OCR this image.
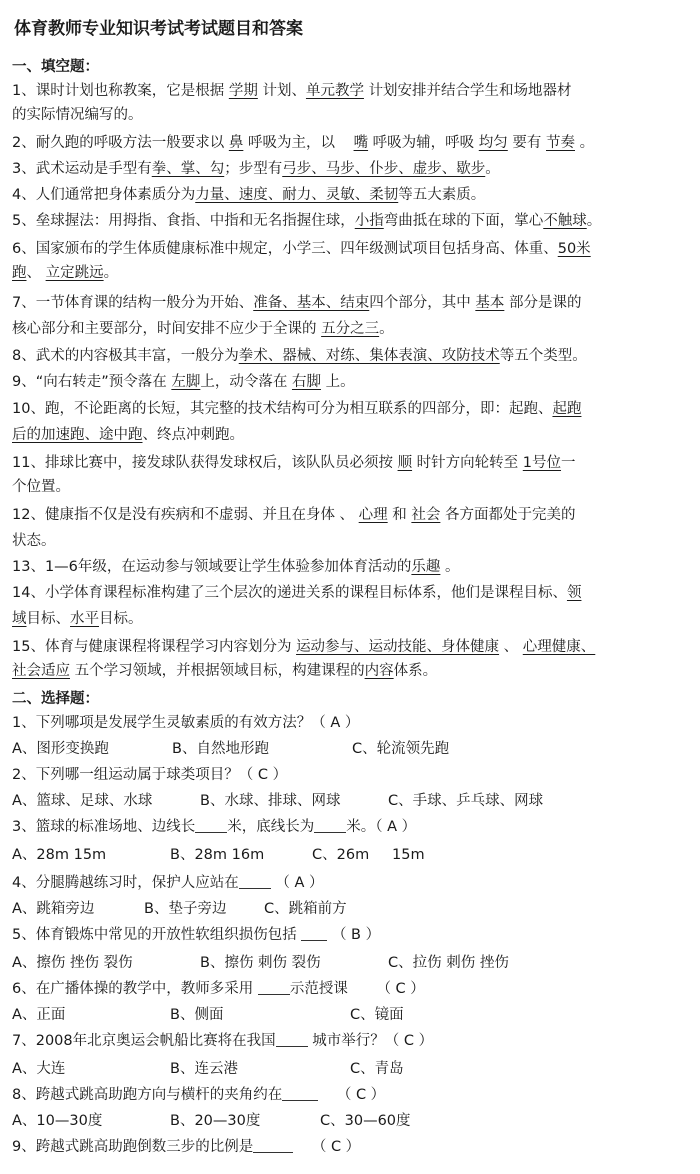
体育教师专业知识考试考试题目和答案
一、填空题：
1、课时计划也称教案，它是根据 学期 计划、单元教学 计划安排并结合学生和场地器材
的实际情况编写的。
2、耐久跑的呼吸方法一般要求以 鼻 呼吸为主，以 嘴 呼吸为辅，呼吸 均匀 要有 节奏 。
3、武术运动是手型有拳、掌、勾；步型有弓步、马步、仆步、虚步、歇步。
4、人们通常把身体素质分为力量、速度、耐力、灵敏、柔韧等五大素质。
5、垒球握法：用拇指、食指、中指和无名指握住球，小指弯曲抵在球的下面，掌心不触球。
6、国家颁布的学生体质健康标准中规定，小学三、四年级测试项目包括身高、体重、50米
跑、 立定跳远。
7、一节体育课的结构一般分为开始、准备、基本、结束四个部分，其中 基本 部分是课的
核心部分和主要部分，时间安排不应少于全课的 五分之三。
8、武术的内容极其丰富，一般分为拳术、器械、对练、集体表演、攻防技术等五个类型。
9、“向右转走”预令落在 左脚上，动令落在 右脚 上。
10、跑，不论距离的长短，其完整的技术结构可分为相互联系的四部分，即：起跑、起跑
后的加速跑、途中跑、终点冲刺跑。
11、排球比赛中，接发球队获得发球权后，该队队员必须按 顺 时针方向轮转至 1号位一
个位置。
12、健康指不仅是没有疾病和不虚弱、并且在身体 、 心理 和 社会 各方面都处于完美的
状态。
13、1—6年级，在运动参与领域要让学生体验参加体育活动的乐趣 。
14、小学体育课程标准构建了三个层次的递进关系的课程目标体系，他们是课程目标、领
域目标、水平目标。
15、体育与健康课程将课程学习内容划分为 运动参与、运动技能、身体健康 、 心理健康、
社会适应 五个学习领域，并根据领域目标，构建课程的内容体系。
二、选择题：
1、下列哪项是发展学生灵敏素质的有效方法？（ A ）
A、图形变换跑	B、自然地形跑	C、轮流领先跑
2、下列哪一组运动属于球类项目？（ C ）
A、篮球、足球、水球	B、水球、排球、网球	C、手球、乒乓球、网球
3、篮球的标准场地、边线长 米，底线长为 米。（ A ）
A、28m 15m	B、28m 16m	C、26m 15m
4、分腿腾越练习时，保护人应站在	（ A ）
A、跳箱旁边	B、垫子旁边	C、跳箱前方
5、体育锻炼中常见的开放性软组织损伤包括 （ B ）
A、擦伤 挫伤 裂伤	B、擦伤 刺伤 裂伤	C、拉伤 刺伤 挫伤
6、在广播体操的教学中，教师多采用	示范授课 （ C ）
A、正面	B、侧面	C、镜面
7、2008年北京奥运会帆船比赛将在我国	城市举行？（ C ）
A、大连	B、连云港	C、青岛
8、跨越式跳高助跑方向与横杆的夹角约在	（ C ）
A、10—30度	B、20—30度	C、30—60度
9、跨越式跳高助跑倒数三步的比例是	（ C ）
